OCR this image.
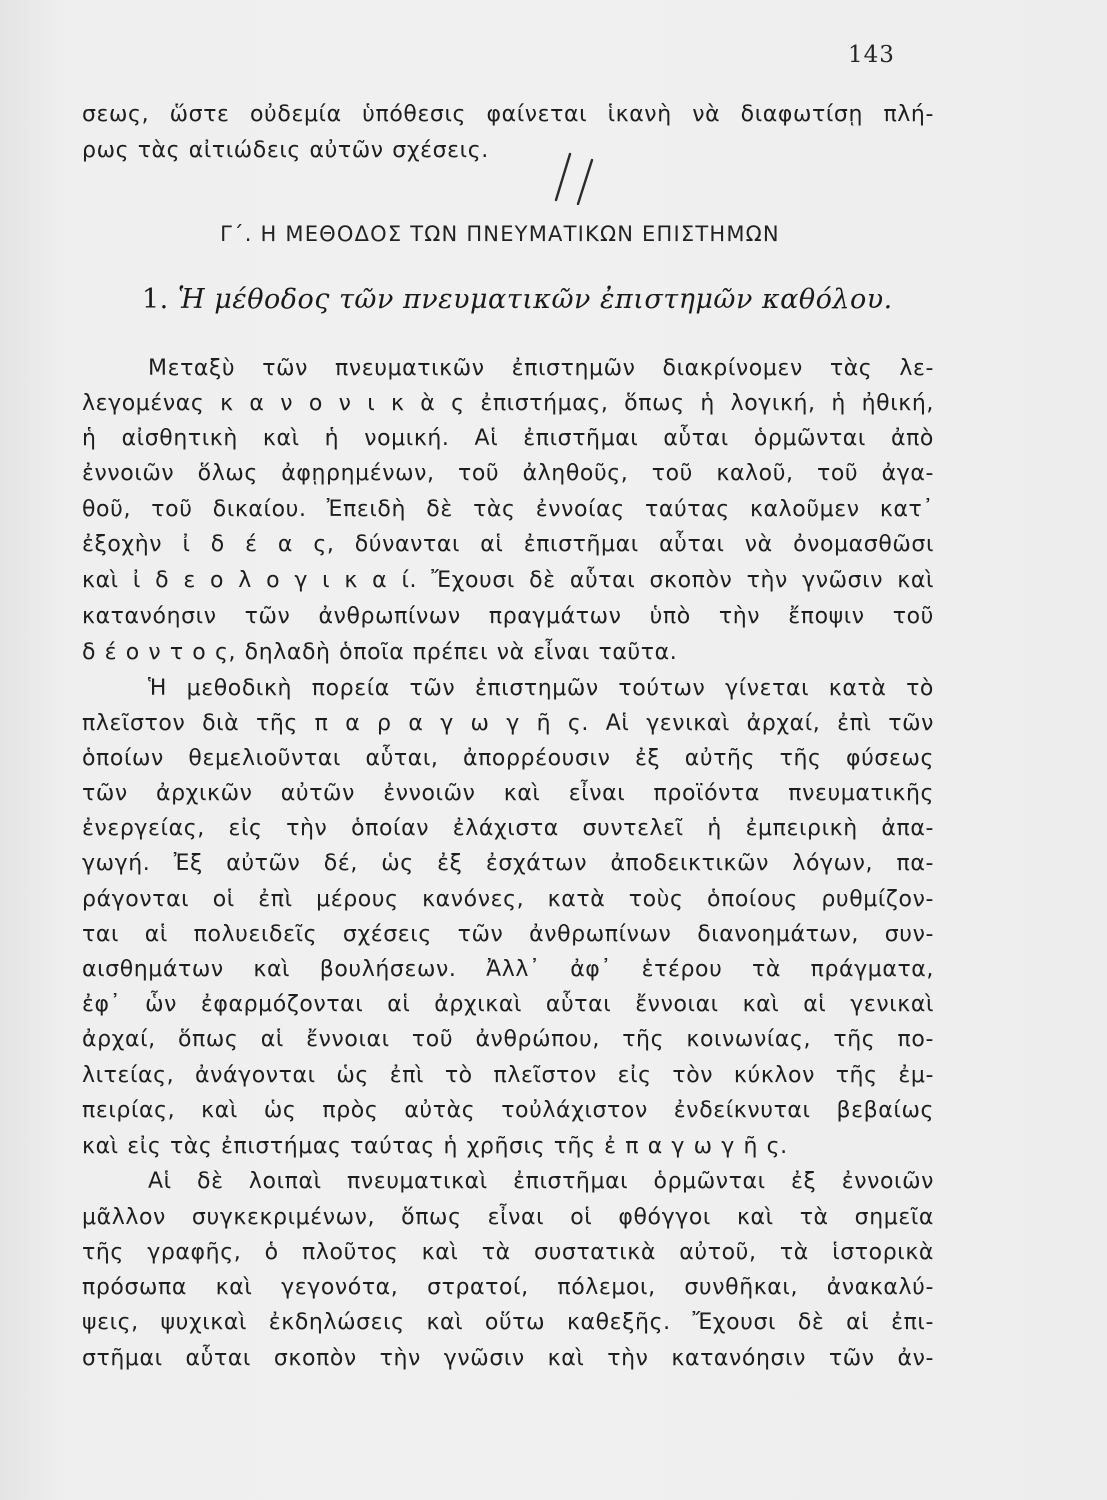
143
σεως, ὥστε οὐδεμία ὑπόθεσις φαίνεται ἱκανὴ νὰ διαφωτίσῃ πλή-
ρως τὰς αἰτιώδεις αὐτῶν σχέσεις.
Γ΄. Η ΜΕΘΟΔΟΣ ΤΩΝ ΠΝΕΥΜΑΤΙΚΩΝ ΕΠΙΣΤΗΜΩΝ
1. Ἡ μέθοδος τῶν πνευματικῶν ἐπιστημῶν καθόλου.
Μεταξὺ τῶν πνευματικῶν ἐπιστημῶν διακρίνομεν τὰς λε-
λεγομένας κ α ν ο ν ι κ ὰ ς ἐπιστήμας, ὅπως ἡ λογική, ἡ ἠθική,
ἡ αἰσθητικὴ καὶ ἡ νομική. Αἱ ἐπιστῆμαι αὗται ὁρμῶνται ἀπὸ
ἐννοιῶν ὅλως ἀφῃρημένων, τοῦ ἀληθοῦς, τοῦ καλοῦ, τοῦ ἀγα-
θοῦ, τοῦ δικαίου. Ἐπειδὴ δὲ τὰς ἐννοίας ταύτας καλοῦμεν κατ᾽
ἐξοχὴν ἰ δ έ α ς, δύνανται αἱ ἐπιστῆμαι αὗται νὰ ὀνομασθῶσι
καὶ ἰ δ ε ο λ ο γ ι κ α ί. Ἔχουσι δὲ αὗται σκοπὸν τὴν γνῶσιν καὶ
κατανόησιν τῶν ἀνθρωπίνων πραγμάτων ὑπὸ τὴν ἔποψιν τοῦ
δ έ ο ν τ ο ς, δηλαδὴ ὁποῖα πρέπει νὰ εἶναι ταῦτα.
Ἡ μεθοδικὴ πορεία τῶν ἐπιστημῶν τούτων γίνεται κατὰ τὸ
πλεῖστον διὰ τῆς π α ρ α γ ω γ ῆ ς. Αἱ γενικαὶ ἀρχαί, ἐπὶ τῶν
ὁποίων θεμελιοῦνται αὗται, ἀπορρέουσιν ἐξ αὐτῆς τῆς φύσεως
τῶν ἀρχικῶν αὐτῶν ἐννοιῶν καὶ εἶναι προϊόντα πνευματικῆς
ἐνεργείας, εἰς τὴν ὁποίαν ἐλάχιστα συντελεῖ ἡ ἐμπειρικὴ ἀπα-
γωγή. Ἐξ αὐτῶν δέ, ὡς ἐξ ἐσχάτων ἀποδεικτικῶν λόγων, πα-
ράγονται οἱ ἐπὶ μέρους κανόνες, κατὰ τοὺς ὁποίους ρυθμίζον-
ται αἱ πολυειδεῖς σχέσεις τῶν ἀνθρωπίνων διανοημάτων, συν-
αισθημάτων καὶ βουλήσεων. Ἀλλ᾽ ἀφ᾽ ἑτέρου τὰ πράγματα,
ἐφ᾽ ὧν ἐφαρμόζονται αἱ ἀρχικαὶ αὗται ἔννοιαι καὶ αἱ γενικαὶ
ἀρχαί, ὅπως αἱ ἔννοιαι τοῦ ἀνθρώπου, τῆς κοινωνίας, τῆς πο-
λιτείας, ἀνάγονται ὡς ἐπὶ τὸ πλεῖστον εἰς τὸν κύκλον τῆς ἐμ-
πειρίας, καὶ ὡς πρὸς αὐτὰς τοὐλάχιστον ἐνδείκνυται βεβαίως
καὶ εἰς τὰς ἐπιστήμας ταύτας ἡ χρῆσις τῆς ἐ π α γ ω γ ῆ ς.
Αἱ δὲ λοιπαὶ πνευματικαὶ ἐπιστῆμαι ὁρμῶνται ἐξ ἐννοιῶν
μᾶλλον συγκεκριμένων, ὅπως εἶναι οἱ φθόγγοι καὶ τὰ σημεῖα
τῆς γραφῆς, ὁ πλοῦτος καὶ τὰ συστατικὰ αὐτοῦ, τὰ ἱστορικὰ
πρόσωπα καὶ γεγονότα, στρατοί, πόλεμοι, συνθῆκαι, ἀνακαλύ-
ψεις, ψυχικαὶ ἐκδηλώσεις καὶ οὕτω καθεξῆς. Ἔχουσι δὲ αἱ ἐπι-
στῆμαι αὗται σκοπὸν τὴν γνῶσιν καὶ τὴν κατανόησιν τῶν ἀν-
